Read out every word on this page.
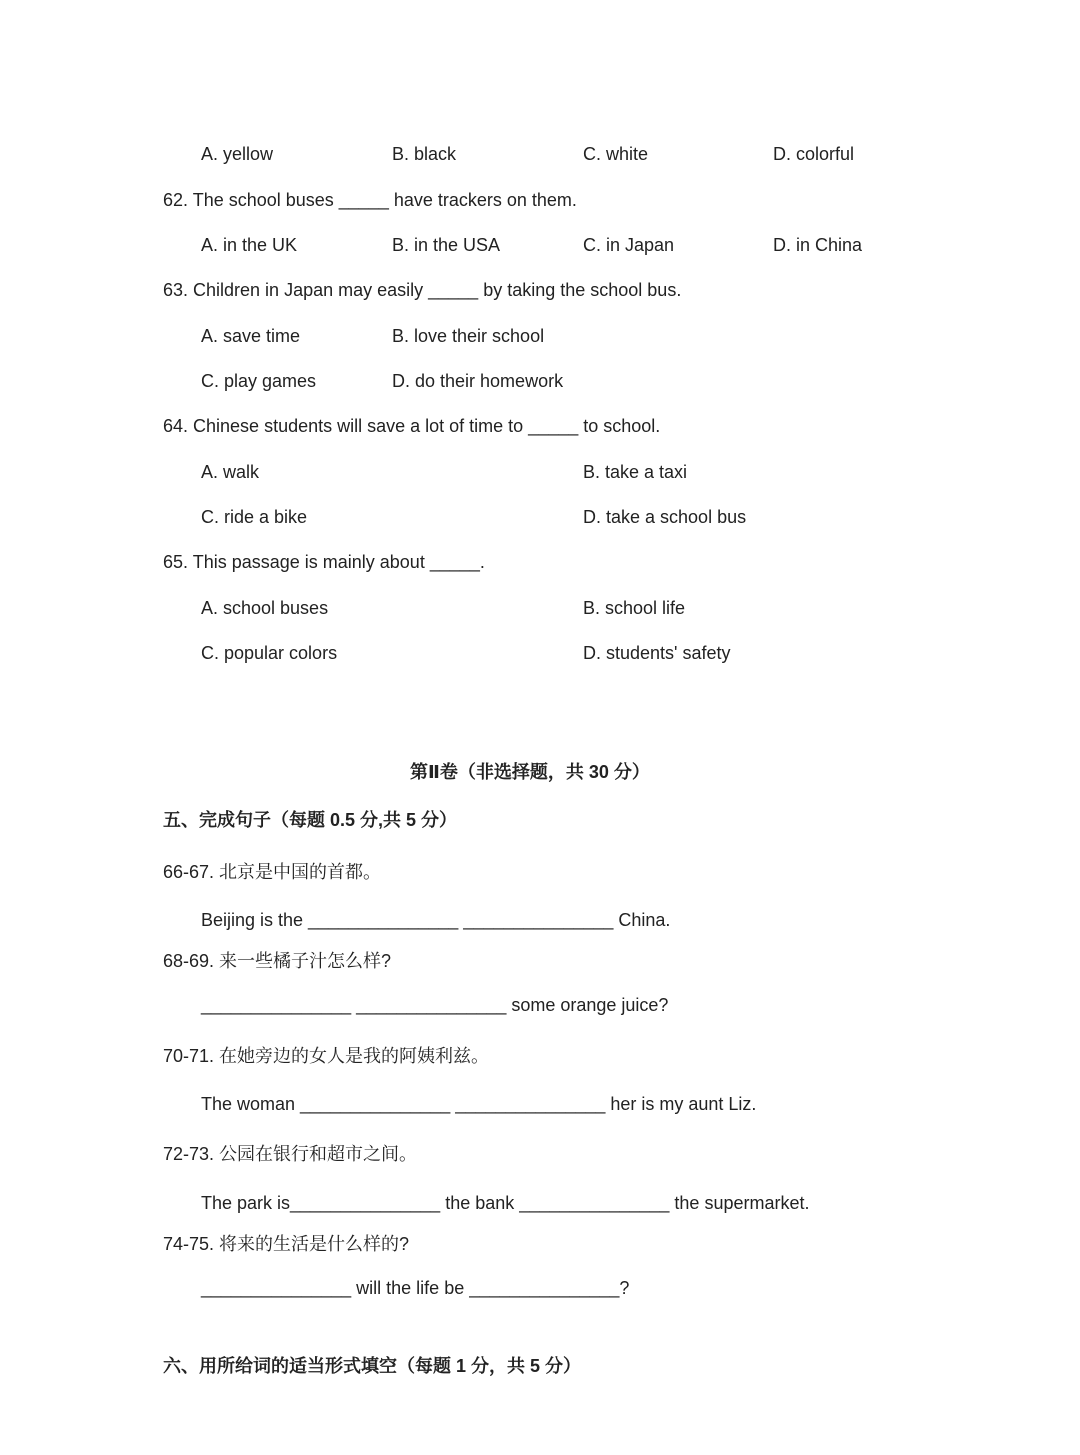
A. yellow	B. black	C. white	D. colorful
62. The school buses _____ have trackers on them.
A. in the UK	B. in the USA	C. in Japan	D. in China
63. Children in Japan may easily _____ by taking the school bus.
A. save time	B. love their school
C. play games	D. do their homework
64. Chinese students will save a lot of time to _____ to school.
A. walk	B. take a taxi
C. ride a bike	D. take a school bus
65. This passage is mainly about _____.
A. school buses	B. school life
C. popular colors	D. students' safety
第Ⅱ卷（非选择题，共 30 分）
五、完成句子（每题 0.5 分,共 5 分）
66-67. 北京是中国的首都。
Beijing is the _______________ _______________ China.
68-69. 来一些橘子汁怎么样?
_______________ _______________ some orange juice?
70-71. 在她旁边的女人是我的阿姨利兹。
The woman _______________ _______________ her is my aunt Liz.
72-73. 公园在银行和超市之间。
The park is_______________ the bank _______________ the supermarket.
74-75. 将来的生活是什么样的?
_______________ will the life be _______________?
六、用所给词的适当形式填空（每题 1 分，共 5 分）
